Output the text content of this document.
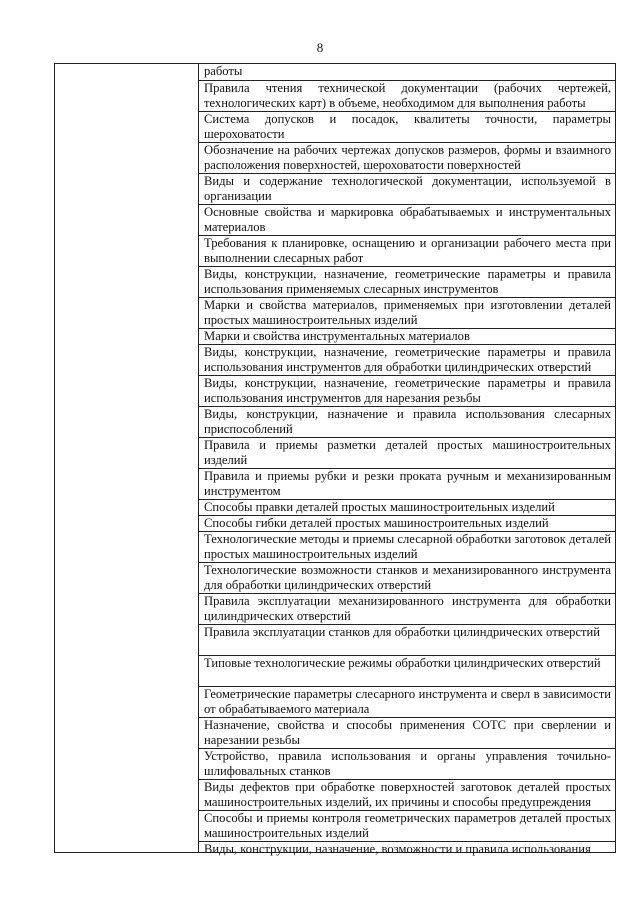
8
работы
Правила чтения технической документации (рабочих чертежей, технологических карт) в объеме, необходимом для выполнения работы
Система допусков и посадок, квалитеты точности, параметры шероховатости
Обозначение на рабочих чертежах допусков размеров, формы и взаимного расположения поверхностей, шероховатости поверхностей
Виды и содержание технологической документации, используемой в организации
Основные свойства и маркировка обрабатываемых и инструментальных материалов
Требования к планировке, оснащению и организации рабочего места при выполнении слесарных работ
Виды, конструкции, назначение, геометрические параметры и правила использования применяемых слесарных инструментов
Марки и свойства материалов, применяемых при изготовлении деталей простых машиностроительных изделий
Марки и свойства инструментальных материалов
Виды, конструкции, назначение, геометрические параметры и правила использования инструментов для обработки цилиндрических отверстий
Виды, конструкции, назначение, геометрические параметры и правила использования инструментов для нарезания резьбы
Виды, конструкции, назначение и правила использования слесарных приспособлений
Правила и приемы разметки деталей простых машиностроительных изделий
Правила и приемы рубки и резки проката ручным и механизированным инструментом
Способы правки деталей простых машиностроительных изделий
Способы гибки деталей простых машиностроительных изделий
Технологические методы и приемы слесарной обработки заготовок деталей простых машиностроительных изделий
Технологические возможности станков и механизированного инструмента для обработки цилиндрических отверстий
Правила эксплуатации механизированного инструмента для обработки цилиндрических отверстий
Правила эксплуатации станков для обработки цилиндрических отверстий
Типовые технологические режимы обработки цилиндрических отверстий
Геометрические параметры слесарного инструмента и сверл в зависимости от обрабатываемого материала
Назначение, свойства и способы применения СОТС при сверлении и нарезании резьбы
Устройство, правила использования и органы управления точильно-шлифовальных станков
Виды дефектов при обработке поверхностей заготовок деталей простых машиностроительных изделий, их причины и способы предупреждения
Способы и приемы контроля геометрических параметров деталей простых машиностроительных изделий
Виды, конструкции, назначение, возможности и правила использования
